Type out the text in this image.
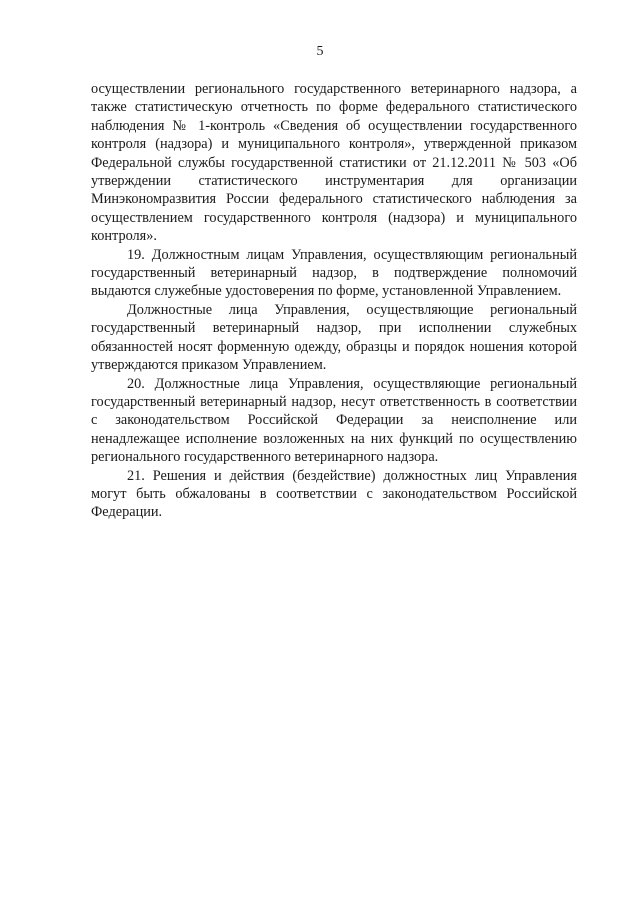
5

осуществлении регионального государственного ветеринарного надзора, а также статистическую отчетность по форме федерального статистического наблюдения № 1-контроль «Сведения об осуществлении государственного контроля (надзора) и муниципального контроля», утвержденной приказом Федеральной службы государственной статистики от 21.12.2011 № 503 «Об утверждении статистического инструментария для организации Минэкономразвития России федерального статистического наблюдения за осуществлением государственного контроля (надзора) и муниципального контроля».

19. Должностным лицам Управления, осуществляющим региональный государственный ветеринарный надзор, в подтверждение полномочий выдаются служебные удостоверения по форме, установленной Управлением.

Должностные лица Управления, осуществляющие региональный государственный ветеринарный надзор, при исполнении служебных обязанностей носят форменную одежду, образцы и порядок ношения которой утверждаются приказом Управлением.

20. Должностные лица Управления, осуществляющие региональный государственный ветеринарный надзор, несут ответственность в соответствии с законодательством Российской Федерации за неисполнение или ненадлежащее исполнение возложенных на них функций по осуществлению регионального государственного ветеринарного надзора.

21. Решения и действия (бездействие) должностных лиц Управления могут быть обжалованы в соответствии с законодательством Российской Федерации.
